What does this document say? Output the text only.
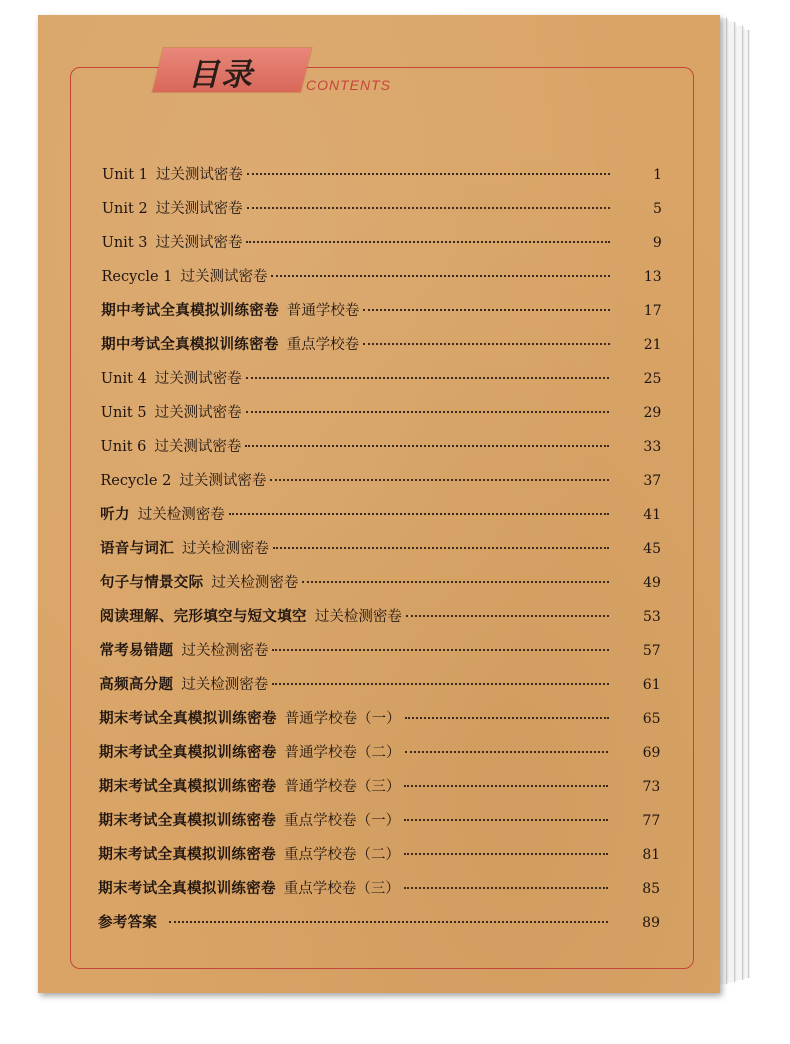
目录	CONTENTS
Unit 1 过关测试密卷	1
Unit 2 过关测试密卷	5
Unit 3 过关测试密卷	9
Recycle 1 过关测试密卷	13
期中考试全真模拟训练密卷 普通学校卷	17
期中考试全真模拟训练密卷 重点学校卷	21
Unit 4 过关测试密卷	25
Unit 5 过关测试密卷	29
Unit 6 过关测试密卷	33
Recycle 2 过关测试密卷	37
听力 过关检测密卷	41
语音与词汇 过关检测密卷	45
句子与情景交际 过关检测密卷	49
阅读理解、完形填空与短文填空 过关检测密卷	53
常考易错题 过关检测密卷	57
高频高分题 过关检测密卷	61
期末考试全真模拟训练密卷 普通学校卷（一）	65
期末考试全真模拟训练密卷 普通学校卷（二）	69
期末考试全真模拟训练密卷 普通学校卷（三）	73
期末考试全真模拟训练密卷 重点学校卷（一）	77
期末考试全真模拟训练密卷 重点学校卷（二）	81
期末考试全真模拟训练密卷 重点学校卷（三）	85
参考答案	89
